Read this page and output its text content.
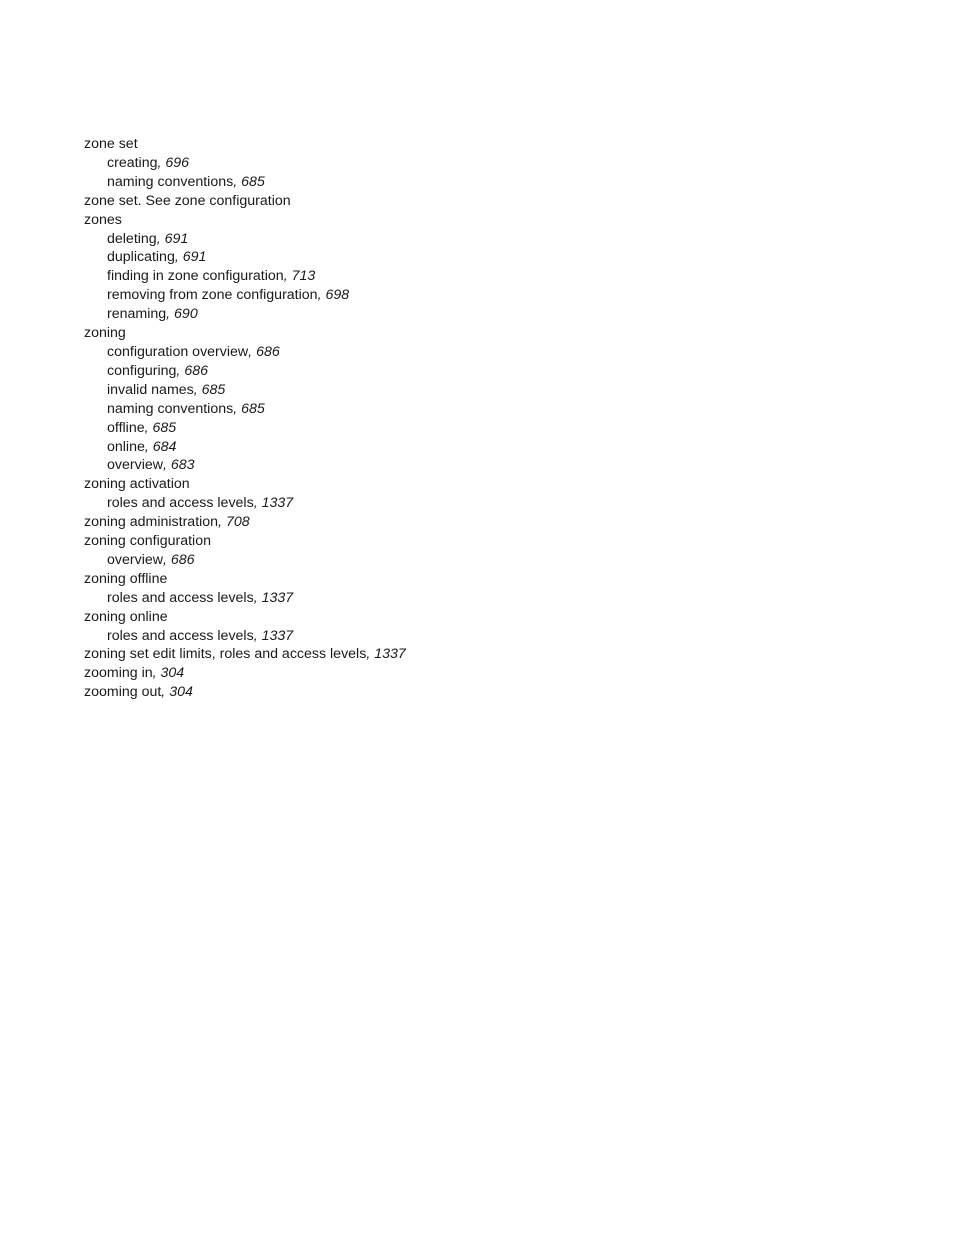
zone set
creating, 696
naming conventions, 685
zone set. See zone configuration
zones
deleting, 691
duplicating, 691
finding in zone configuration, 713
removing from zone configuration, 698
renaming, 690
zoning
configuration overview, 686
configuring, 686
invalid names, 685
naming conventions, 685
offline, 685
online, 684
overview, 683
zoning activation
roles and access levels, 1337
zoning administration, 708
zoning configuration
overview, 686
zoning offline
roles and access levels, 1337
zoning online
roles and access levels, 1337
zoning set edit limits, roles and access levels, 1337
zooming in, 304
zooming out, 304
